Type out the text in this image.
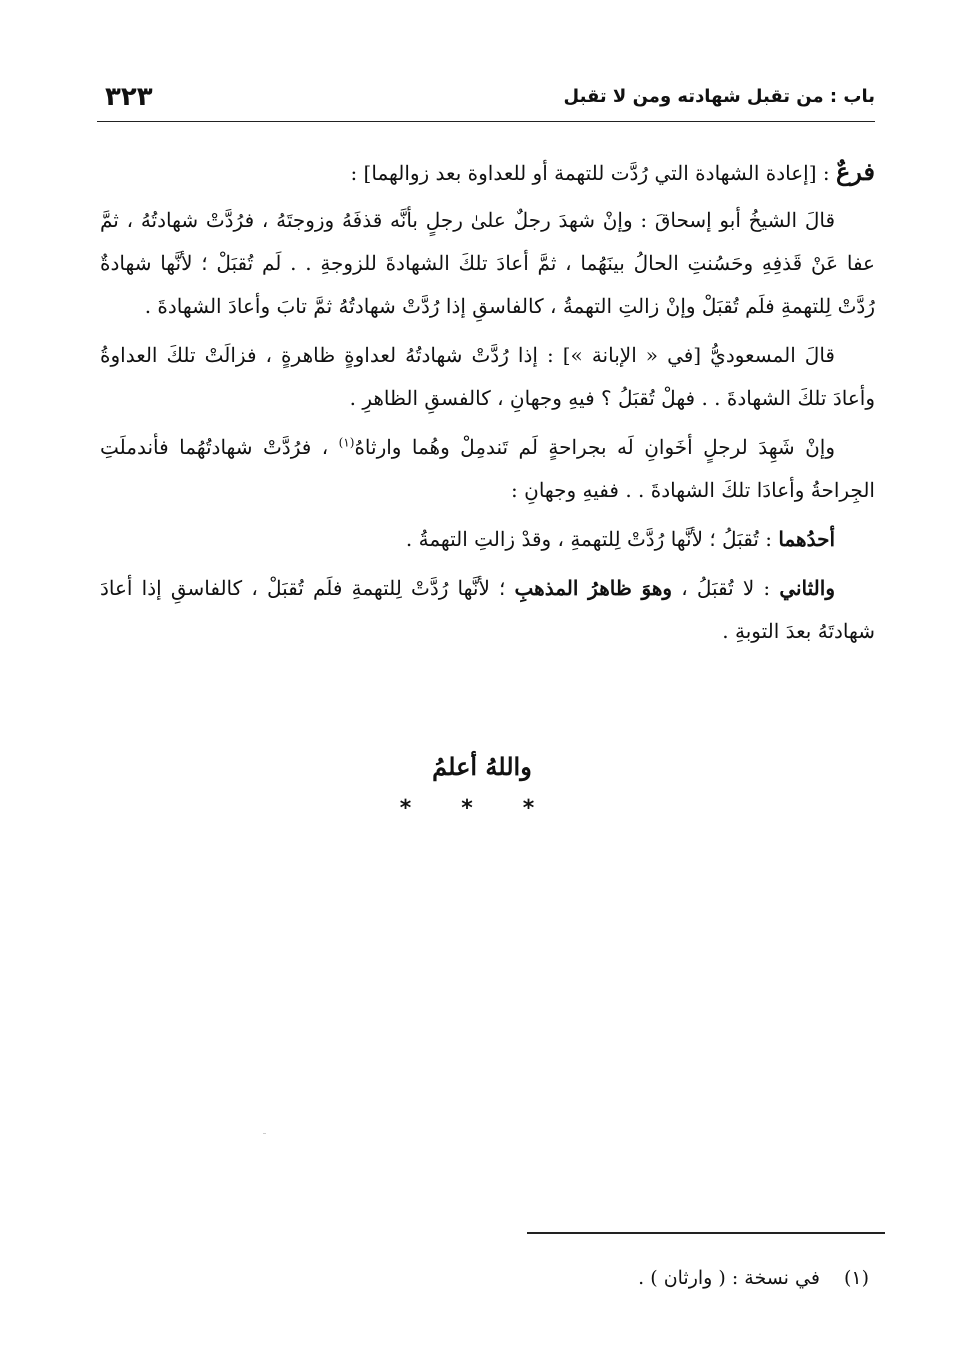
باب : من تقبل شهادته ومن لا تقبل
٣٢٣

فرعٌ : [إعادة الشهادة التي رُدَّت للتهمة أو للعداوة بعد زوالهما] :

قالَ الشيخُ أبو إسحاقَ : وإنْ شهدَ رجلٌ علىٰ رجلٍ بأنَّه قذفَهُ وزوجتَهُ ، فرُدَّتْ شهادتُهُ ، ثمَّ عفا عَنْ قَذفِهِ وحَسُنتِ الحالُ بينَهُما ، ثمَّ أعادَ تلكَ الشهادةَ للزوجةِ . . لَم تُقبَلْ ؛ لأنَّها شهادةٌ رُدَّتْ لِلتهمةِ فلَم تُقبَلْ وإنْ زالتِ التهمةُ ، كالفاسقِ إذا رُدَّتْ شهادتُهُ ثمَّ تابَ وأعادَ الشهادةَ .

قالَ المسعوديُّ [في « الإبانة »] : إذا رُدَّتْ شهادتُهُ لعداوةٍ ظاهرةٍ ، فزالَتْ تلكَ العداوةُ وأعادَ تلكَ الشهادةَ . . فهلْ تُقبَلُ ؟ فيهِ وجهانِ ، كالفسقِ الظاهرِ .

وإنْ شَهِدَ لرجلٍ أخَوانِ لَه بجراحةٍ لَم تَندمِلْ وهُما وارثاهُ$^{(١)}$ ، فرُدَّتْ شهادتُهُما فأندملَتِ الجِراحةُ وأعادَا تلكَ الشهادةَ . . ففيهِ وجهانِ :

أحدُهما : تُقبَلُ ؛ لأنَّها رُدَّتْ لِلتهمةِ ، وقدْ زالتِ التهمةُ .

والثاني : لا تُقبَلُ ، وهوَ ظاهرُ المذهبِ ؛ لأنَّها رُدَّتْ لِلتهمةِ فلَم تُقبَلْ ، كالفاسقِ إذا أعادَ شهادتَهُ بعدَ التوبةِ .

واللهُ أعلمُ
***
(١)في نسخة : ( وارثان ) .
